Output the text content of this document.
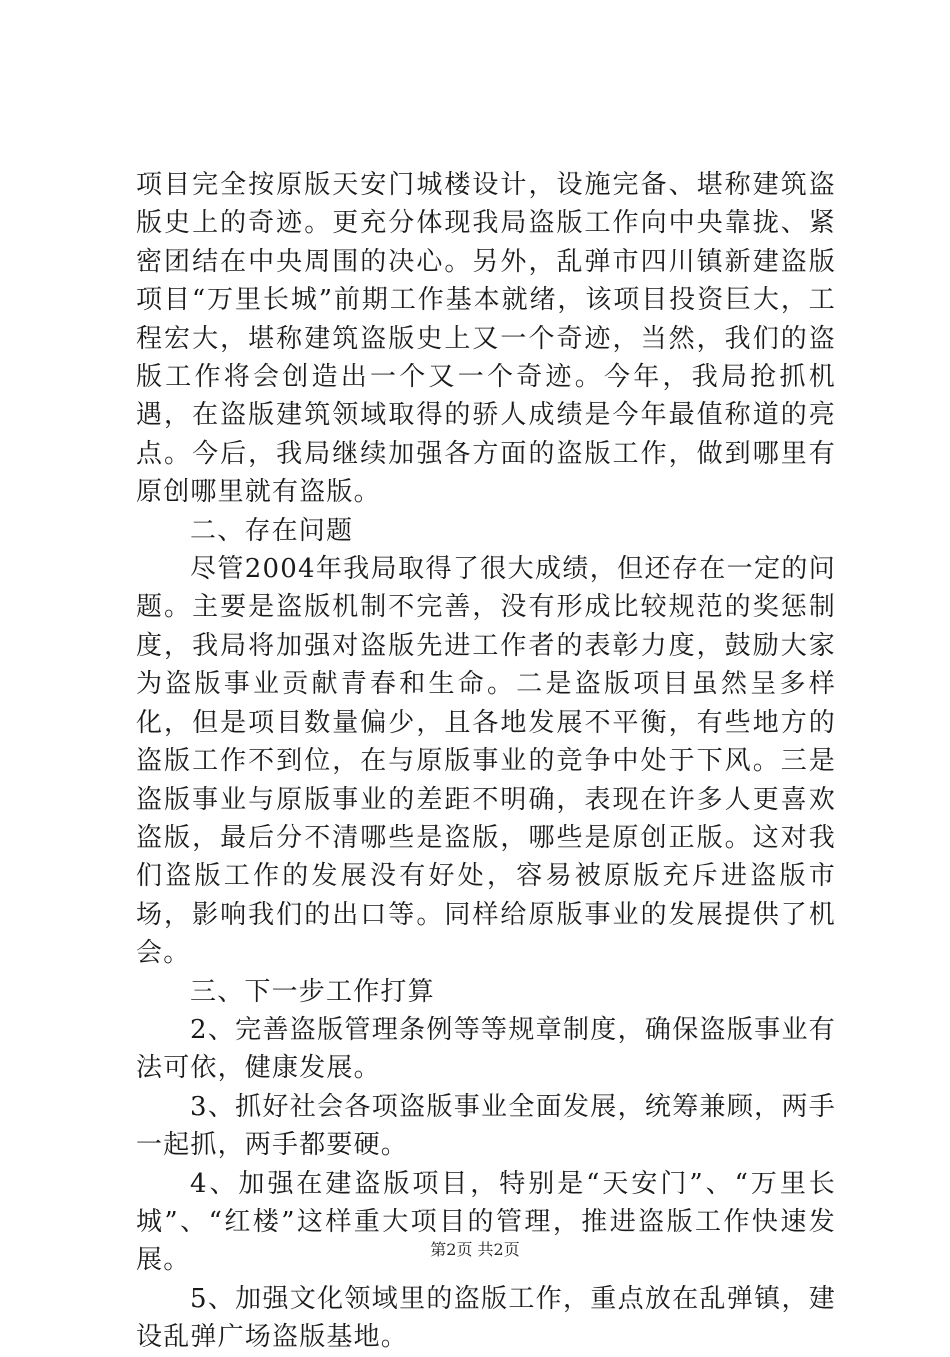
项目完全按原版天安门城楼设计，设施完备、堪称建筑盗版史上的奇迹。更充分体现我局盗版工作向中央靠拢、紧密团结在中央周围的决心。另外，乱弹市四川镇新建盗版项目“万里长城”前期工作基本就绪，该项目投资巨大，工程宏大，堪称建筑盗版史上又一个奇迹，当然，我们的盗版工作将会创造出一个又一个奇迹。今年，我局抢抓机遇，在盗版建筑领域取得的骄人成绩是今年最值称道的亮点。今后，我局继续加强各方面的盗版工作，做到哪里有原创哪里就有盗版。

二、存在问题

尽管2004年我局取得了很大成绩，但还存在一定的问题。主要是盗版机制不完善，没有形成比较规范的奖惩制度，我局将加强对盗版先进工作者的表彰力度，鼓励大家为盗版事业贡献青春和生命。二是盗版项目虽然呈多样化，但是项目数量偏少，且各地发展不平衡，有些地方的盗版工作不到位，在与原版事业的竞争中处于下风。三是盗版事业与原版事业的差距不明确，表现在许多人更喜欢盗版，最后分不清哪些是盗版，哪些是原创正版。这对我们盗版工作的发展没有好处，容易被原版充斥进盗版市场，影响我们的出口等。同样给原版事业的发展提供了机会。

三、下一步工作打算

2、完善盗版管理条例等等规章制度，确保盗版事业有法可依，健康发展。

3、抓好社会各项盗版事业全面发展，统筹兼顾，两手一起抓，两手都要硬。

4、加强在建盗版项目，特别是“天安门”、“万里长城”、“红楼”这样重大项目的管理，推进盗版工作快速发展。

5、加强文化领域里的盗版工作，重点放在乱弹镇，建设乱弹广场盗版基地。

第2页 共2页
